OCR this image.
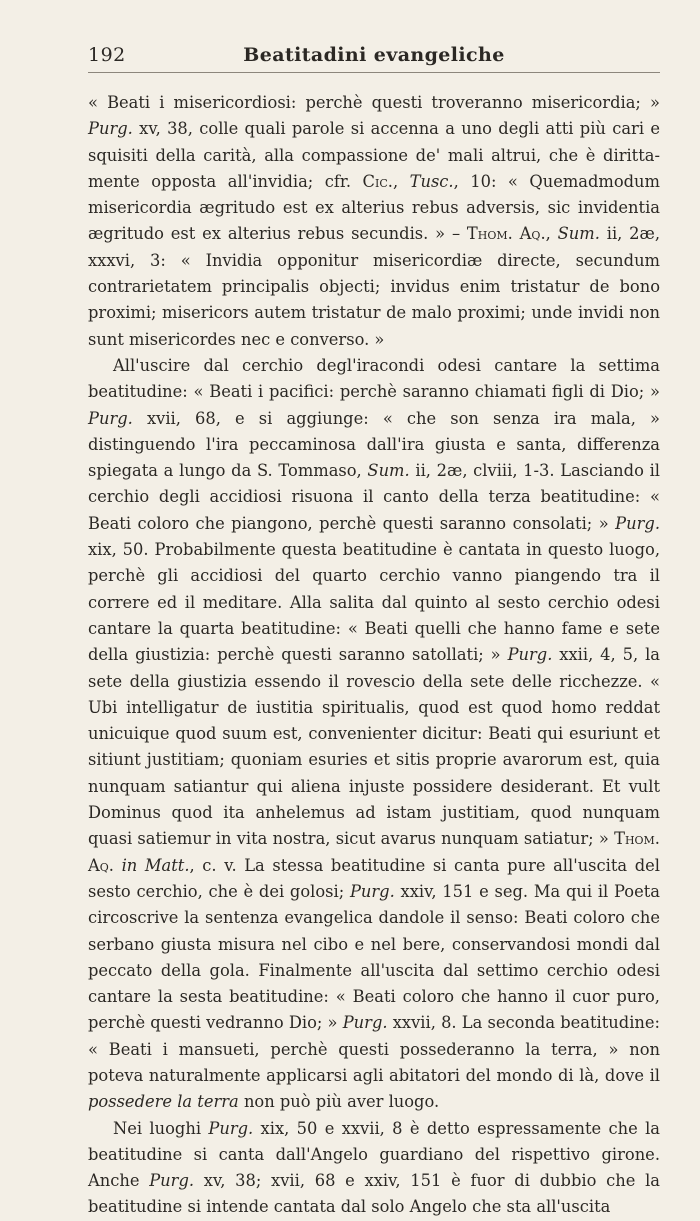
192	Beatitadini evangeliche

« Beati i misericordiosi: perchè questi troveranno misericordia; » Purg. xv, 38, colle quali parole si accenna a uno degli atti più cari e squisiti della carità, alla compassione de' mali altrui, che è dirittamente opposta all'invidia; cfr. Cic., Tusc., 10: « Quemadmodum misericordia ægritudo est ex alterius rebus adversis, sic invidentia ægritudo est ex alterius rebus secundis. » – Thom. Aq., Sum. ii, 2æ, xxxvi, 3: « Invidia opponitur misericordiæ directe, secundum contrarietatem principalis objecti; invidus enim tristatur de bono proximi; misericors autem tristatur de malo proximi; unde invidi non sunt misericordes nec e converso. »

All'uscire dal cerchio degl'iracondi odesi cantare la settima beatitudine: « Beati i pacifici: perchè saranno chiamati figli di Dio; » Purg. xvii, 68, e si aggiunge: « che son senza ira mala, » distinguendo l'ira peccaminosa dall'ira giusta e santa, differenza spiegata a lungo da S. Tommaso, Sum. ii, 2æ, clviii, 1-3. Lasciando il cerchio degli accidiosi risuona il canto della terza beatitudine: « Beati coloro che piangono, perchè questi saranno consolati; » Purg. xix, 50. Probabilmente questa beatitudine è cantata in questo luogo, perchè gli accidiosi del quarto cerchio vanno piangendo tra il correre ed il meditare. Alla salita dal quinto al sesto cerchio odesi cantare la quarta beatitudine: « Beati quelli che hanno fame e sete della giustizia: perchè questi saranno satollati; » Purg. xxii, 4, 5, la sete della giustizia essendo il rovescio della sete delle ricchezze. « Ubi intelligatur de iustitia spiritualis, quod est quod homo reddat unicuique quod suum est, convenienter dicitur: Beati qui esuriunt et sitiunt justitiam; quoniam esuries et sitis proprie avarorum est, quia nunquam satiantur qui aliena injuste possidere desiderant. Et vult Dominus quod ita anhelemus ad istam justitiam, quod nunquam quasi satiemur in vita nostra, sicut avarus nunquam satiatur; » Thom. Aq. in Matt., c. v. La stessa beatitudine si canta pure all'uscita del sesto cerchio, che è dei golosi; Purg. xxiv, 151 e seg. Ma qui il Poeta circoscrive la sentenza evangelica dandole il senso: Beati coloro che serbano giusta misura nel cibo e nel bere, conservandosi mondi dal peccato della gola. Finalmente all'uscita dal settimo cerchio odesi cantare la sesta beatitudine: « Beati coloro che hanno il cuor puro, perchè questi vedranno Dio; » Purg. xxvii, 8. La seconda beatitudine: « Beati i mansueti, perchè questi possederanno la terra, » non poteva naturalmente applicarsi agli abitatori del mondo di là, dove il possedere la terra non può più aver luogo.

Nei luoghi Purg. xix, 50 e xxvii, 8 è detto espressamente che la beatitudine si canta dall'Angelo guardiano del rispettivo girone. Anche Purg. xv, 38; xvii, 68 e xxiv, 151 è fuor di dubbio che la beatitudine si intende cantata dal solo Angelo che sta all'uscita
